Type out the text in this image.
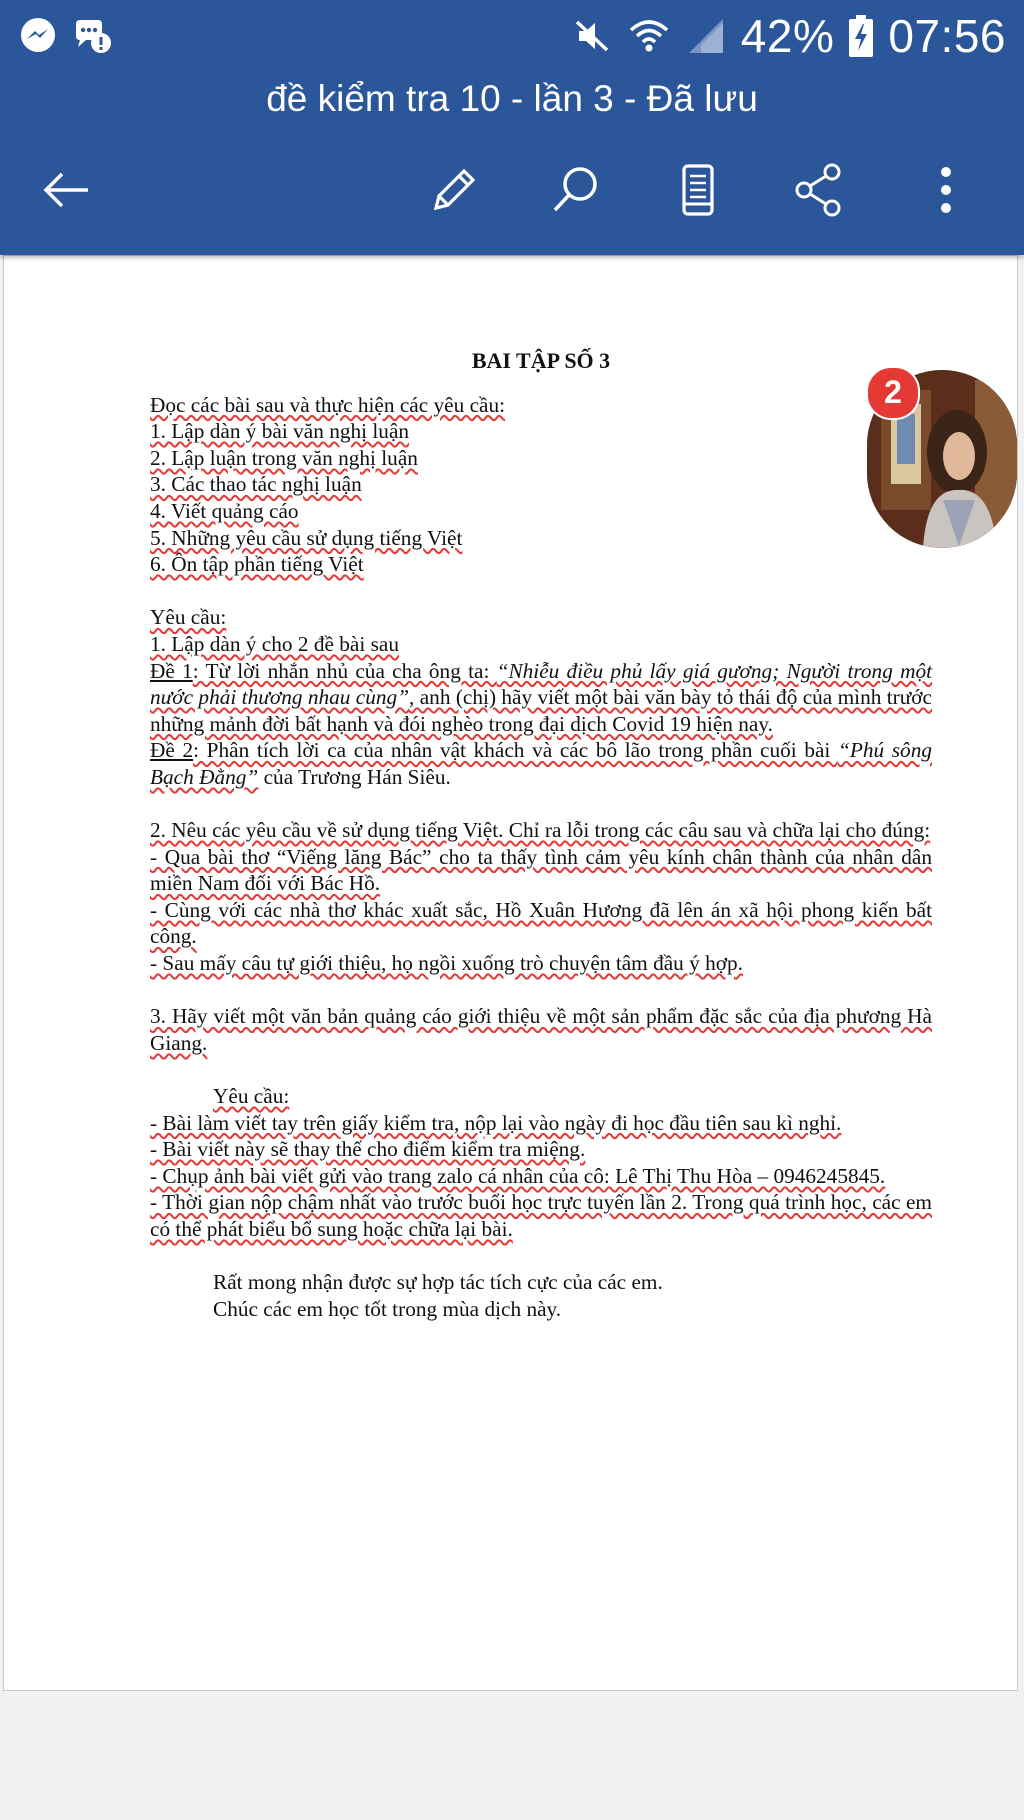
42% 07:56
đề kiểm tra 10 - lần 3 - Đã lưu

BAI TẬP SỐ 3

Đọc các bài sau và thực hiện các yêu cầu:

1. Lập dàn ý bài văn nghị luận

2. Lập luận trong văn nghị luận

3. Các thao tác nghị luận

4. Viết quảng cáo

5. Những yêu cầu sử dụng tiếng Việt

6. Ôn tập phần tiếng Việt

Yêu cầu:

1. Lập dàn ý cho 2 đề bài sau

Đề 1: Từ lời nhắn nhủ của cha ông ta: “Nhiễu điều phủ lấy giá gương; Người trong một nước phải thương nhau cùng”, anh (chị) hãy viết một bài văn bày tỏ thái độ của mình trước những mảnh đời bất hạnh và đói nghèo trong đại dịch Covid 19 hiện nay.

Đề 2: Phân tích lời ca của nhân vật khách và các bô lão trong phần cuối bài “Phú sông Bạch Đằng” của Trương Hán Siêu.

2. Nêu các yêu cầu về sử dụng tiếng Việt. Chỉ ra lỗi trong các câu sau và chữa lại cho đúng:

- Qua bài thơ “Viếng lăng Bác” cho ta thấy tình cảm yêu kính chân thành của nhân dân miền Nam đối với Bác Hồ.

- Cùng với các nhà thơ khác xuất sắc, Hồ Xuân Hương đã lên án xã hội phong kiến bất công.

- Sau mấy câu tự giới thiệu, họ ngồi xuống trò chuyện tâm đầu ý hợp.

3. Hãy viết một văn bản quảng cáo giới thiệu về một sản phẩm đặc sắc của địa phương Hà Giang.

Yêu cầu:

- Bài làm viết tay trên giấy kiểm tra, nộp lại vào ngày đi học đầu tiên sau kì nghỉ.

- Bài viết này sẽ thay thế cho điểm kiểm tra miệng.

- Chụp ảnh bài viết gửi vào trang zalo cá nhân của cô: Lê Thị Thu Hòa – 0946245845.

- Thời gian nộp chậm nhất vào trước buổi học trực tuyến lần 2. Trong quá trình học, các em có thể phát biểu bổ sung hoặc chữa lại bài.

Rất mong nhận được sự hợp tác tích cực của các em.

Chúc các em học tốt trong mùa dịch này.

2
